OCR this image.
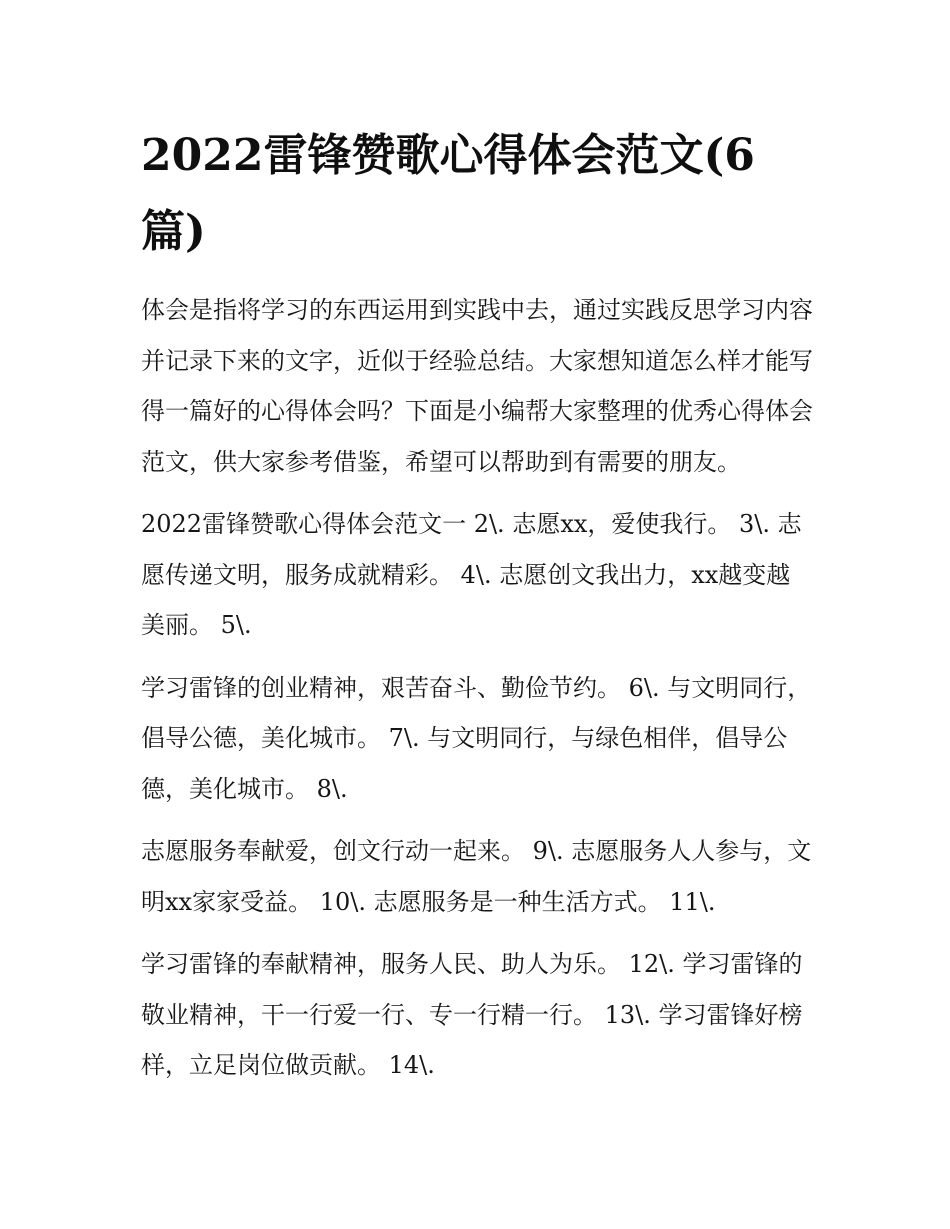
2022雷锋赞歌心得体会范文(6篇)

体会是指将学习的东西运用到实践中去，通过实践反思学习内容并记录下来的文字，近似于经验总结。大家想知道怎么样才能写得一篇好的心得体会吗？下面是小编帮大家整理的优秀心得体会范文，供大家参考借鉴，希望可以帮助到有需要的朋友。

2022雷锋赞歌心得体会范文一 2\. 志愿xx，爱使我行。 3\. 志愿传递文明，服务成就精彩。 4\. 志愿创文我出力，xx越变越美丽。 5\.

学习雷锋的创业精神，艰苦奋斗、勤俭节约。 6\. 与文明同行，倡导公德，美化城市。 7\. 与文明同行，与绿色相伴，倡导公德，美化城市。 8\.

志愿服务奉献爱，创文行动一起来。 9\. 志愿服务人人参与，文明xx家家受益。 10\. 志愿服务是一种生活方式。 11\.

学习雷锋的奉献精神，服务人民、助人为乐。 12\. 学习雷锋的敬业精神，干一行爱一行、专一行精一行。 13\. 学习雷锋好榜样，立足岗位做贡献。 14\.
